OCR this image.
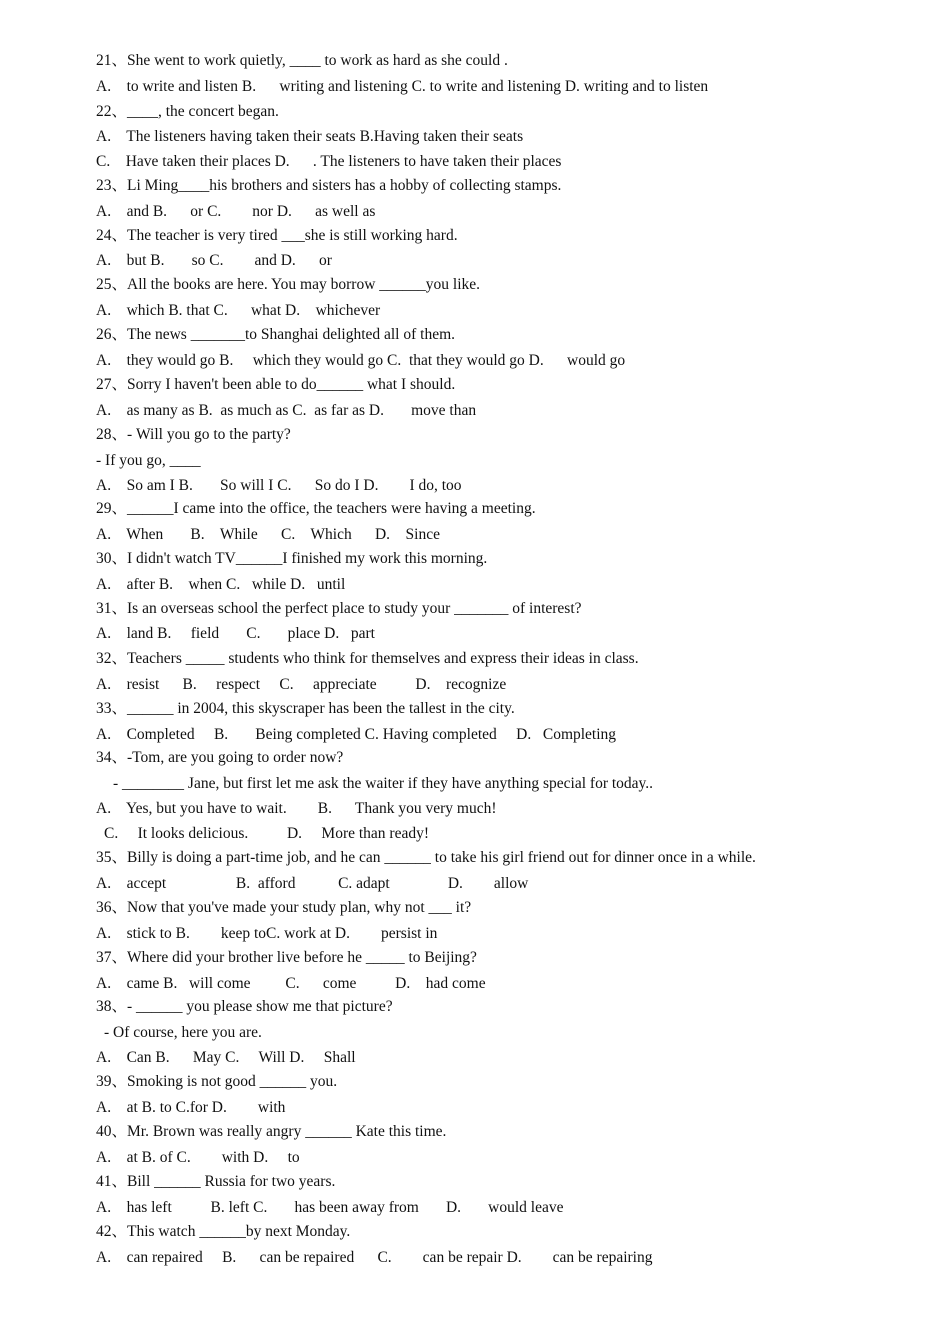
21、She went to work quietly, ____ to work as hard as she could .
A.    to write and listen B.      writing and listening C. to write and listening D. writing and to listen
22、____, the concert began.
A.    The listeners having taken their seats B.Having taken their seats
C.    Have taken their places D.      . The listeners to have taken their places
23、Li Ming____his brothers and sisters has a hobby of collecting stamps.
A.    and B.      or C.        nor D.      as well as
24、The teacher is very tired ___she is still working hard.
A.    but B.       so C.        and D.      or
25、All the books are here. You may borrow ______you like.
A.    which B. that C.      what D.    whichever
26、The news _______to Shanghai delighted all of them.
A.    they would go B.     which they would go C.  that they would go D.      would go
27、Sorry I haven't been able to do______ what I should.
A.    as many as B.  as much as C.  as far as D.       move than
28、- Will you go to the party?
- If you go, ____
A.    So am I B.       So will I C.      So do I D.        I do, too
29、______I came into the office, the teachers were having a meeting.
A.    When       B.    While      C.    Which      D.    Since
30、I didn't watch TV______I finished my work this morning.
A.    after B.    when C.   while D.   until
31、Is an overseas school the perfect place to study your _______ of interest?
A.    land B.     field       C.       place D.   part
32、Teachers _____ students who think for themselves and express their ideas in class.
A.    resist      B.     respect     C.     appreciate          D.    recognize
33、______ in 2004, this skyscraper has been the tallest in the city.
A.    Completed     B.       Being completed C. Having completed     D.   Completing
34、-Tom, are you going to order now?
- ________ Jane, but first let me ask the waiter if they have anything special for today..
A.    Yes, but you have to wait.        B.      Thank you very much!
C.     It looks delicious.          D.     More than ready!
35、Billy is doing a part-time job, and he can ______ to take his girl friend out for dinner once in a while.
A.    accept                  B.  afford           C. adapt               D.        allow
36、Now that you've made your study plan, why not ___ it?
A.    stick to B.        keep toC. work at D.        persist in
37、Where did your brother live before he _____ to Beijing?
A.    came B.   will come         C.      come          D.    had come
38、- ______ you please show me that picture?
- Of course, here you are.
A.    Can B.      May C.     Will D.     Shall
39、Smoking is not good ______ you.
A.    at B. to C.for D.        with
40、Mr. Brown was really angry ______ Kate this time.
A.    at B. of C.        with D.     to
41、Bill ______ Russia for two years.
A.    has left          B. left C.       has been away from       D.       would leave
42、This watch ______by next Monday.
A.    can repaired     B.      can be repaired      C.        can be repair D.        can be repairing
